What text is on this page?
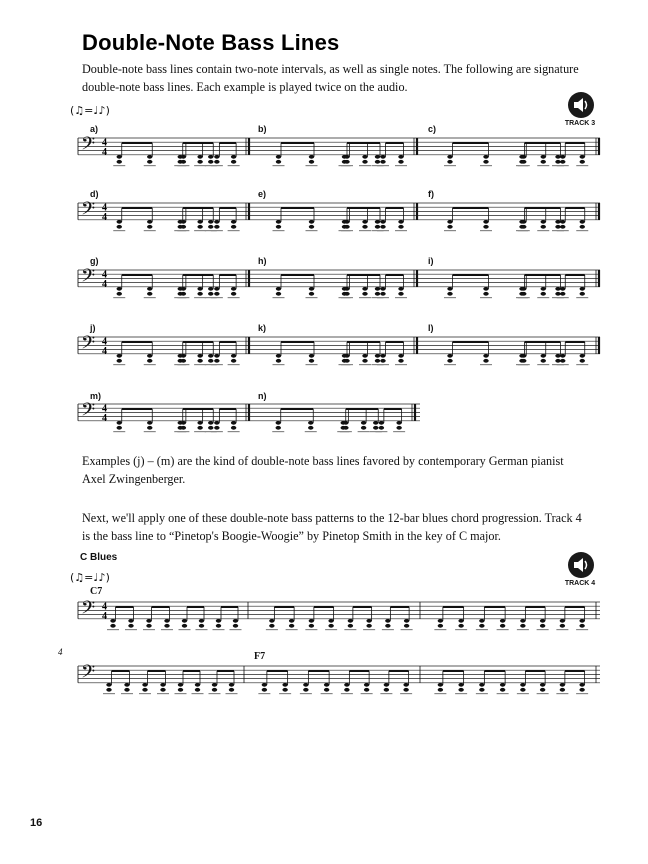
Double-Note Bass Lines
Double-note bass lines contain two-note intervals, as well as single notes. The following are signature double-note bass lines. Each example is played twice on the audio.
TRACK 3
(♫=♩♪)
a)	b)	c)
d)	e)	f)
g)	h)	i)
j)	k)	l)
m)	n)
Examples (j) – (m) are the kind of double-note bass lines favored by contemporary German pianist Axel Zwingenberger.
Next, we'll apply one of these double-note bass patterns to the 12-bar blues chord progression. Track 4 is the bass line to “Pinetop's Boogie-Woogie” by Pinetop Smith in the key of C major.
C Blues
(♫=♩♪)	TRACK 4
C7
4	F7
16
𝄢 4
4
𝄢 4
4
𝄢 4
4
𝄢 4
4
𝄢 4
4
𝄢 4
4
𝄢
